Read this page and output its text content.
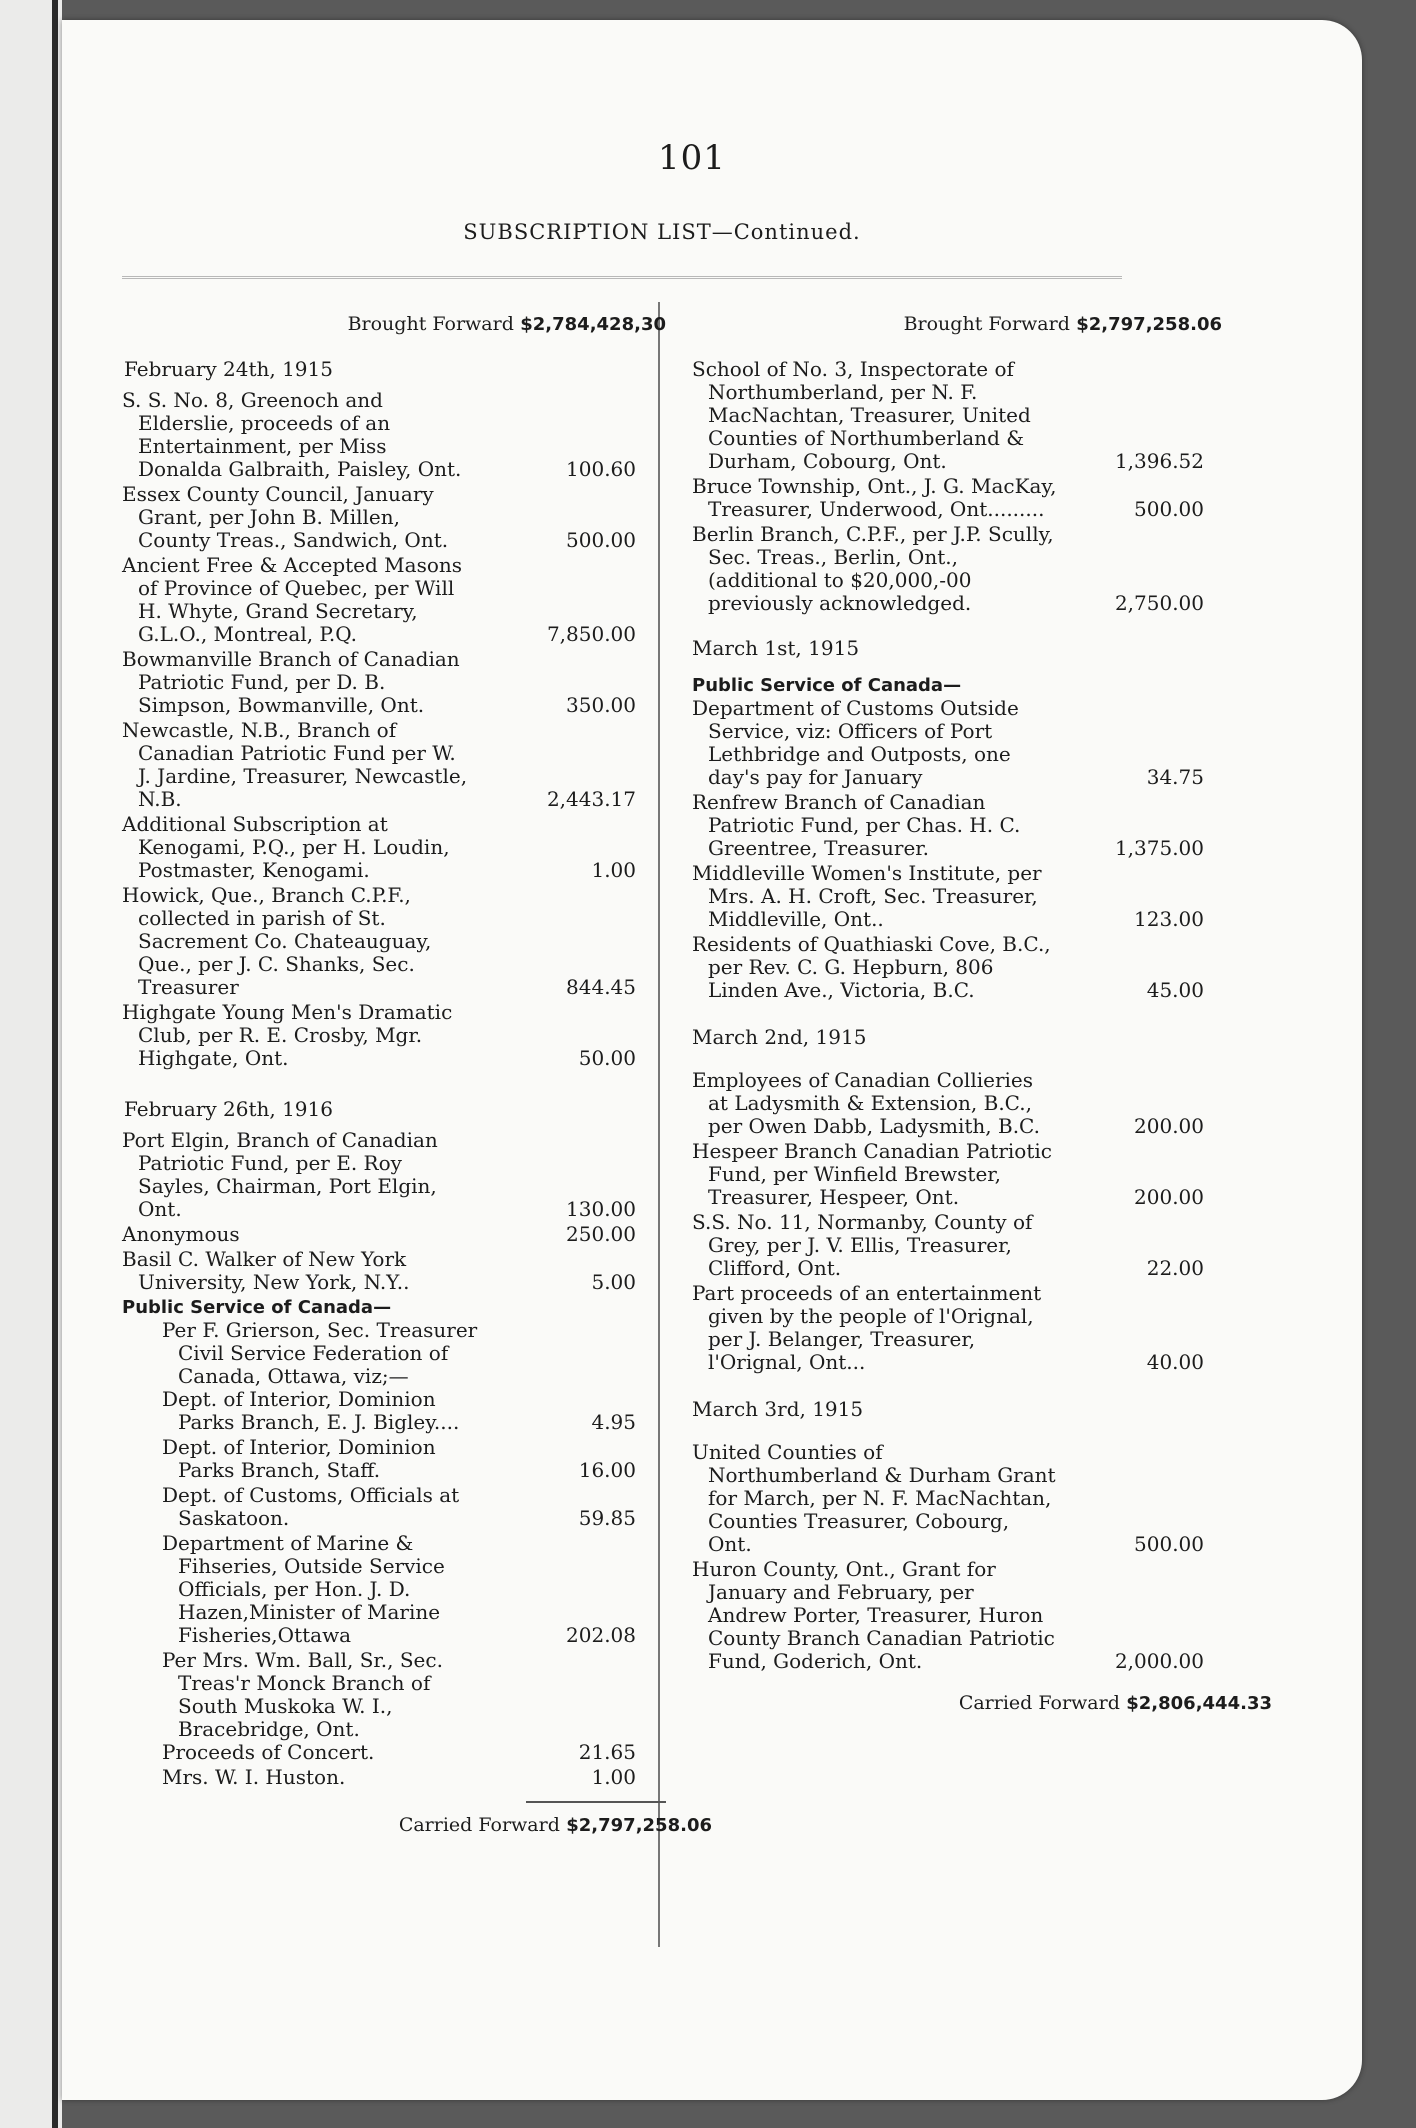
101
SUBSCRIPTION LIST—Continued.
Brought Forward $2,784,428,30
February 24th, 1915
S. S. No. 8, Greenoch and Elderslie, proceeds of an Entertainment, per Miss Donalda Galbraith, Paisley, Ont.	100.60
Essex County Council, January Grant, per John B. Millen, County Treas., Sandwich, Ont.	500.00
Ancient Free & Accepted Masons of Province of Quebec, per Will H. Whyte, Grand Secretary, G.L.O., Montreal, P.Q.	7,850.00
Bowmanville Branch of Canadian Patriotic Fund, per D. B. Simpson, Bowmanville, Ont.	350.00
Newcastle, N.B., Branch of Canadian Patriotic Fund per W. J. Jardine, Treasurer, Newcastle, N.B.	2,443.17
Additional Subscription at Kenogami, P.Q., per H. Loudin, Postmaster, Kenogami.	1.00
Howick, Que., Branch C.P.F., collected in parish of St. Sacrement Co. Chateauguay, Que., per J. C. Shanks, Sec. Treasurer	844.45
Highgate Young Men's Dramatic Club, per R. E. Crosby, Mgr. Highgate, Ont.	50.00
February 26th, 1916
Port Elgin, Branch of Canadian Patriotic Fund, per E. Roy Sayles, Chairman, Port Elgin, Ont.	130.00
Anonymous	250.00
Basil C. Walker of New York University, New York, N.Y..	5.00
Public Service of Canada—
Per F. Grierson, Sec. Treasurer Civil Service Federation of Canada, Ottawa, viz;—
Dept. of Interior, Dominion Parks Branch, E. J. Bigley....	4.95
Dept. of Interior, Dominion Parks Branch, Staff.	16.00
Dept. of Customs, Officials at Saskatoon.	59.85
Department of Marine & Fihseries, Outside Service Officials, per Hon. J. D. Hazen,Minister of Marine Fisheries,Ottawa	202.08
Per Mrs. Wm. Ball, Sr., Sec. Treas'r Monck Branch of South Muskoka W. I., Bracebridge, Ont.
Proceeds of Concert.	21.65
Mrs. W. I. Huston.	1.00
Carried Forward $2,797,258.06
Brought Forward $2,797,258.06
School of No. 3, Inspectorate of Northumberland, per N. F. MacNachtan, Treasurer, United Counties of Northumberland & Durham, Cobourg, Ont.	1,396.52
Bruce Township, Ont., J. G. MacKay, Treasurer, Underwood, Ont.........	500.00
Berlin Branch, C.P.F., per J.P. Scully, Sec. Treas., Berlin, Ont., (additional to $20,000,-00 previously acknowledged.	2,750.00
March 1st, 1915
Public Service of Canada—
Department of Customs Outside Service, viz: Officers of Port Lethbridge and Outposts, one day's pay for January	34.75
Renfrew Branch of Canadian Patriotic Fund, per Chas. H. C. Greentree, Treasurer.	1,375.00
Middleville Women's Institute, per Mrs. A. H. Croft, Sec. Treasurer, Middleville, Ont..	123.00
Residents of Quathiaski Cove, B.C., per Rev. C. G. Hepburn, 806 Linden Ave., Victoria, B.C.	45.00
March 2nd, 1915
Employees of Canadian Collieries at Ladysmith & Extension, B.C., per Owen Dabb, Ladysmith, B.C.	200.00
Hespeer Branch Canadian Patriotic Fund, per Winfield Brewster, Treasurer, Hespeer, Ont.	200.00
S.S. No. 11, Normanby, County of Grey, per J. V. Ellis, Treasurer, Clifford, Ont.	22.00
Part proceeds of an entertainment given by the people of l'Orignal, per J. Belanger, Treasurer, l'Orignal, Ont...	40.00
March 3rd, 1915
United Counties of Northumberland & Durham Grant for March, per N. F. MacNachtan, Counties Treasurer, Cobourg, Ont.	500.00
Huron County, Ont., Grant for January and February, per Andrew Porter, Treasurer, Huron County Branch Canadian Patriotic Fund, Goderich, Ont.	2,000.00
Carried Forward $2,806,444.33
